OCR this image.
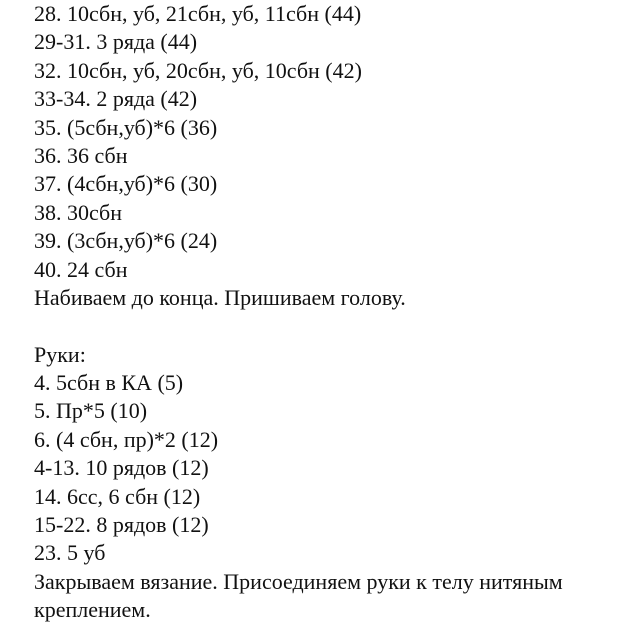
28. 10сбн, уб, 21сбн, уб, 11сбн (44)
29-31. 3 ряда (44)
32. 10сбн, уб, 20сбн, уб, 10сбн (42)
33-34. 2 ряда (42)
35. (5сбн,уб)*6 (36)
36. 36 сбн
37. (4сбн,уб)*6 (30)
38. 30сбн
39. (3сбн,уб)*6 (24)
40. 24 сбн
Набиваем до конца. Пришиваем голову.
Руки:
4. 5сбн в КА (5)
5. Пр*5 (10)
6. (4 сбн, пр)*2 (12)
4-13. 10 рядов (12)
14. 6сс, 6 сбн (12)
15-22. 8 рядов (12)
23. 5 уб
Закрываем вязание. Присоединяем руки к телу нитяным
креплением.
